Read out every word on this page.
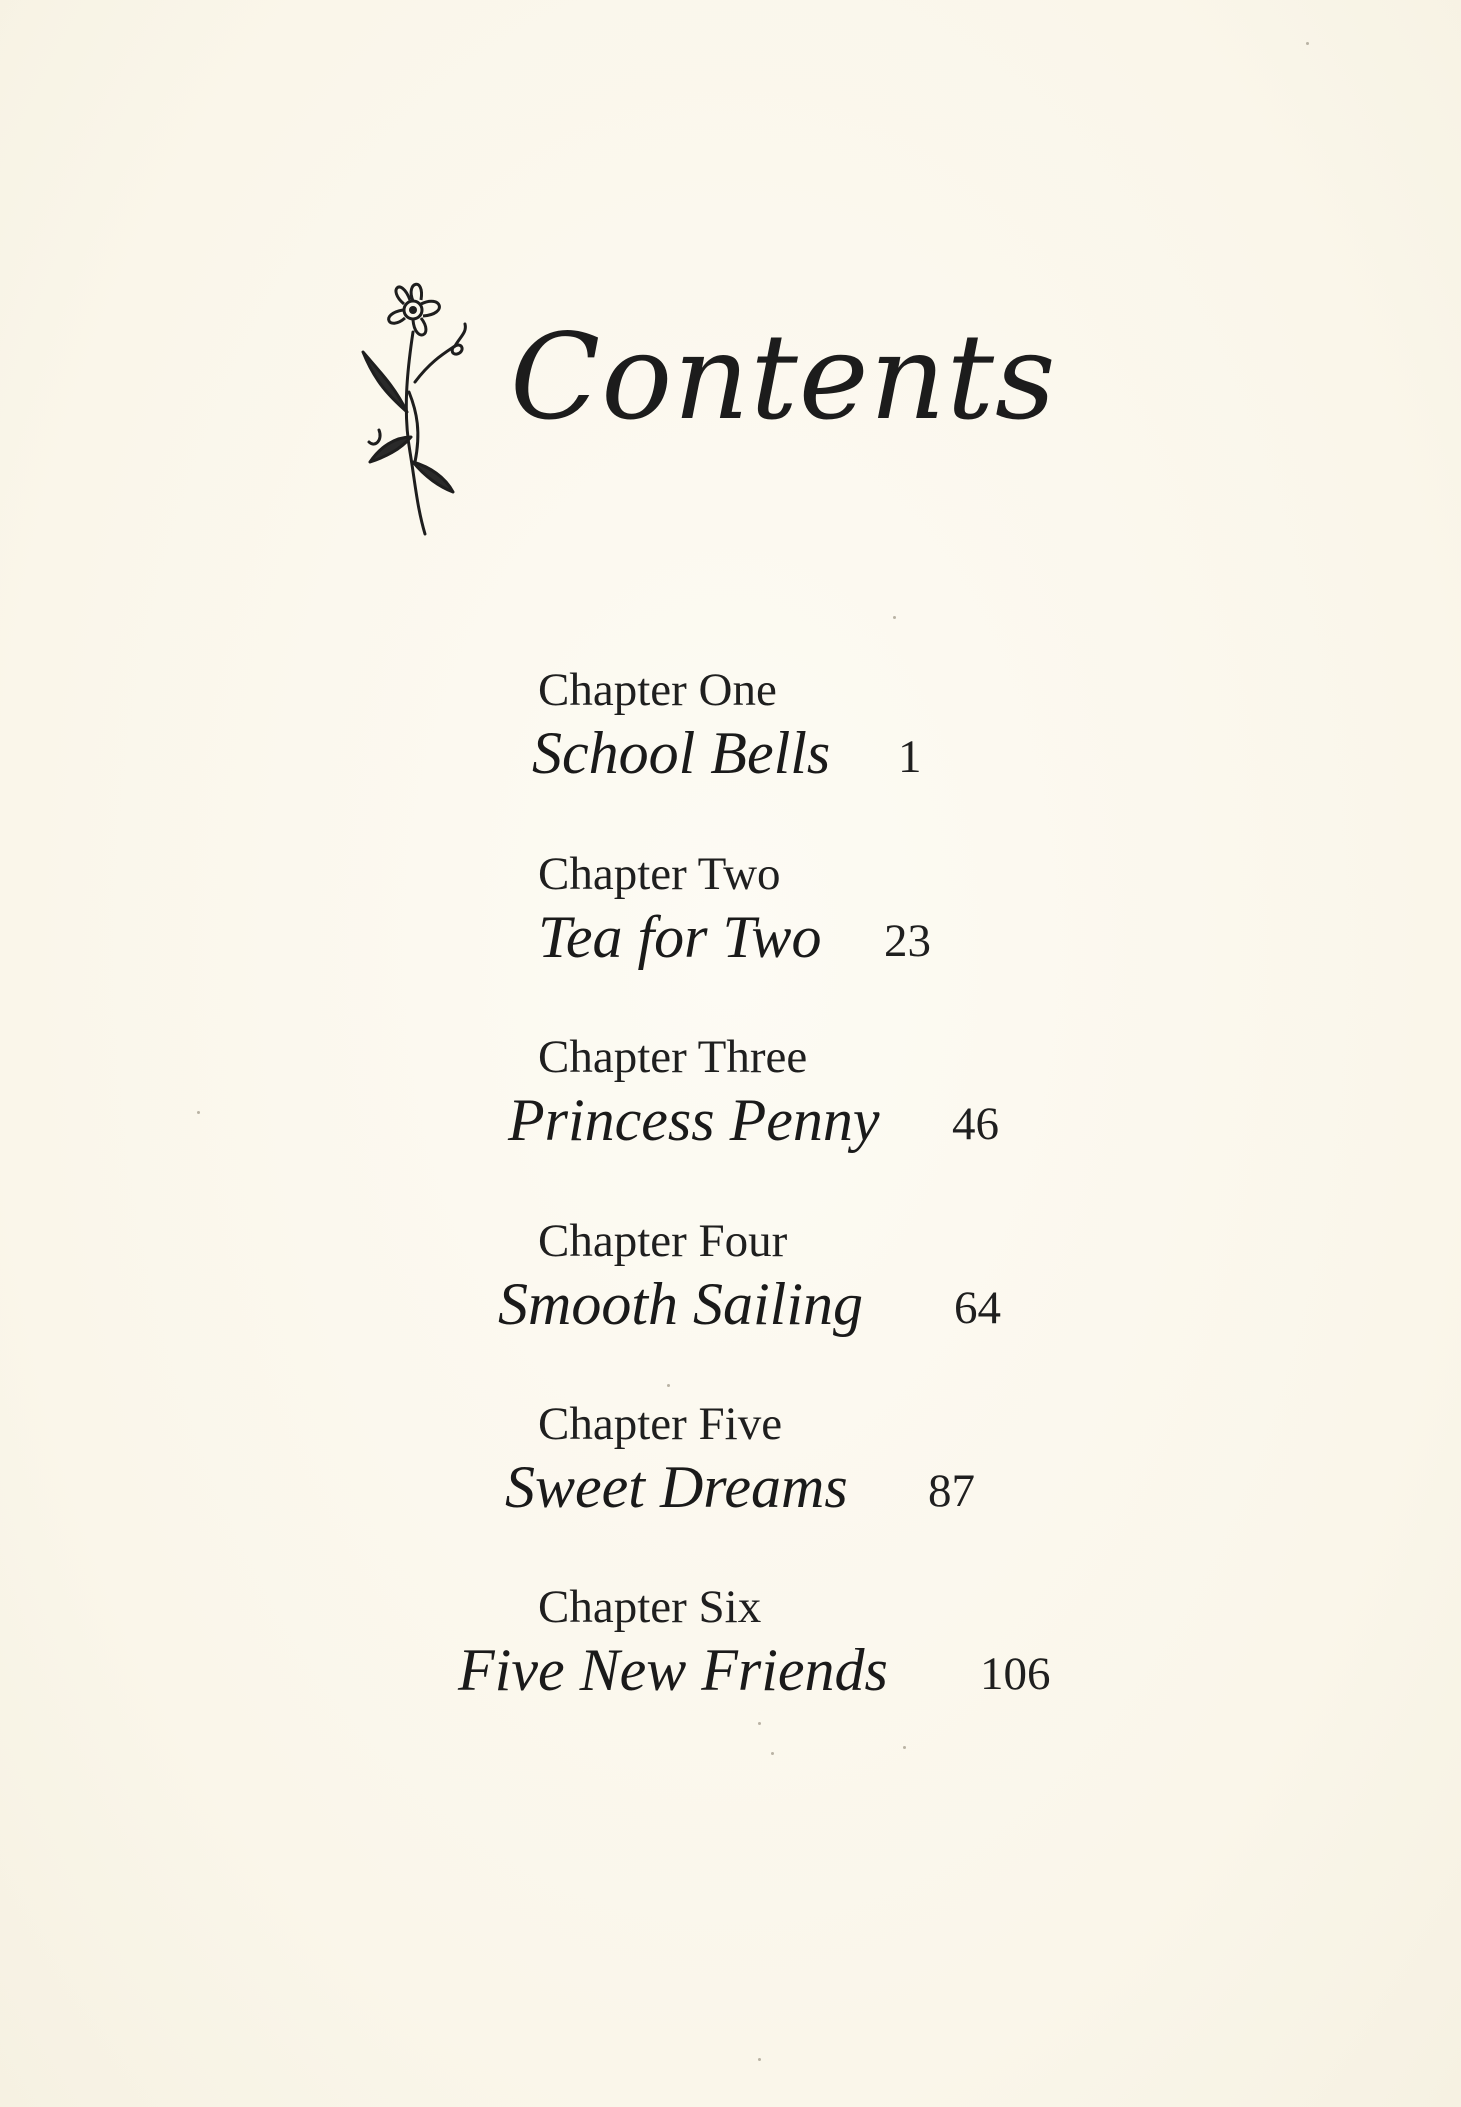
Contents
Chapter One
School Bells 1
Chapter Two
Tea for Two 23
Chapter Three
Princess Penny 46
Chapter Four
Smooth Sailing 64
Chapter Five
Sweet Dreams 87
Chapter Six
Five New Friends 106
